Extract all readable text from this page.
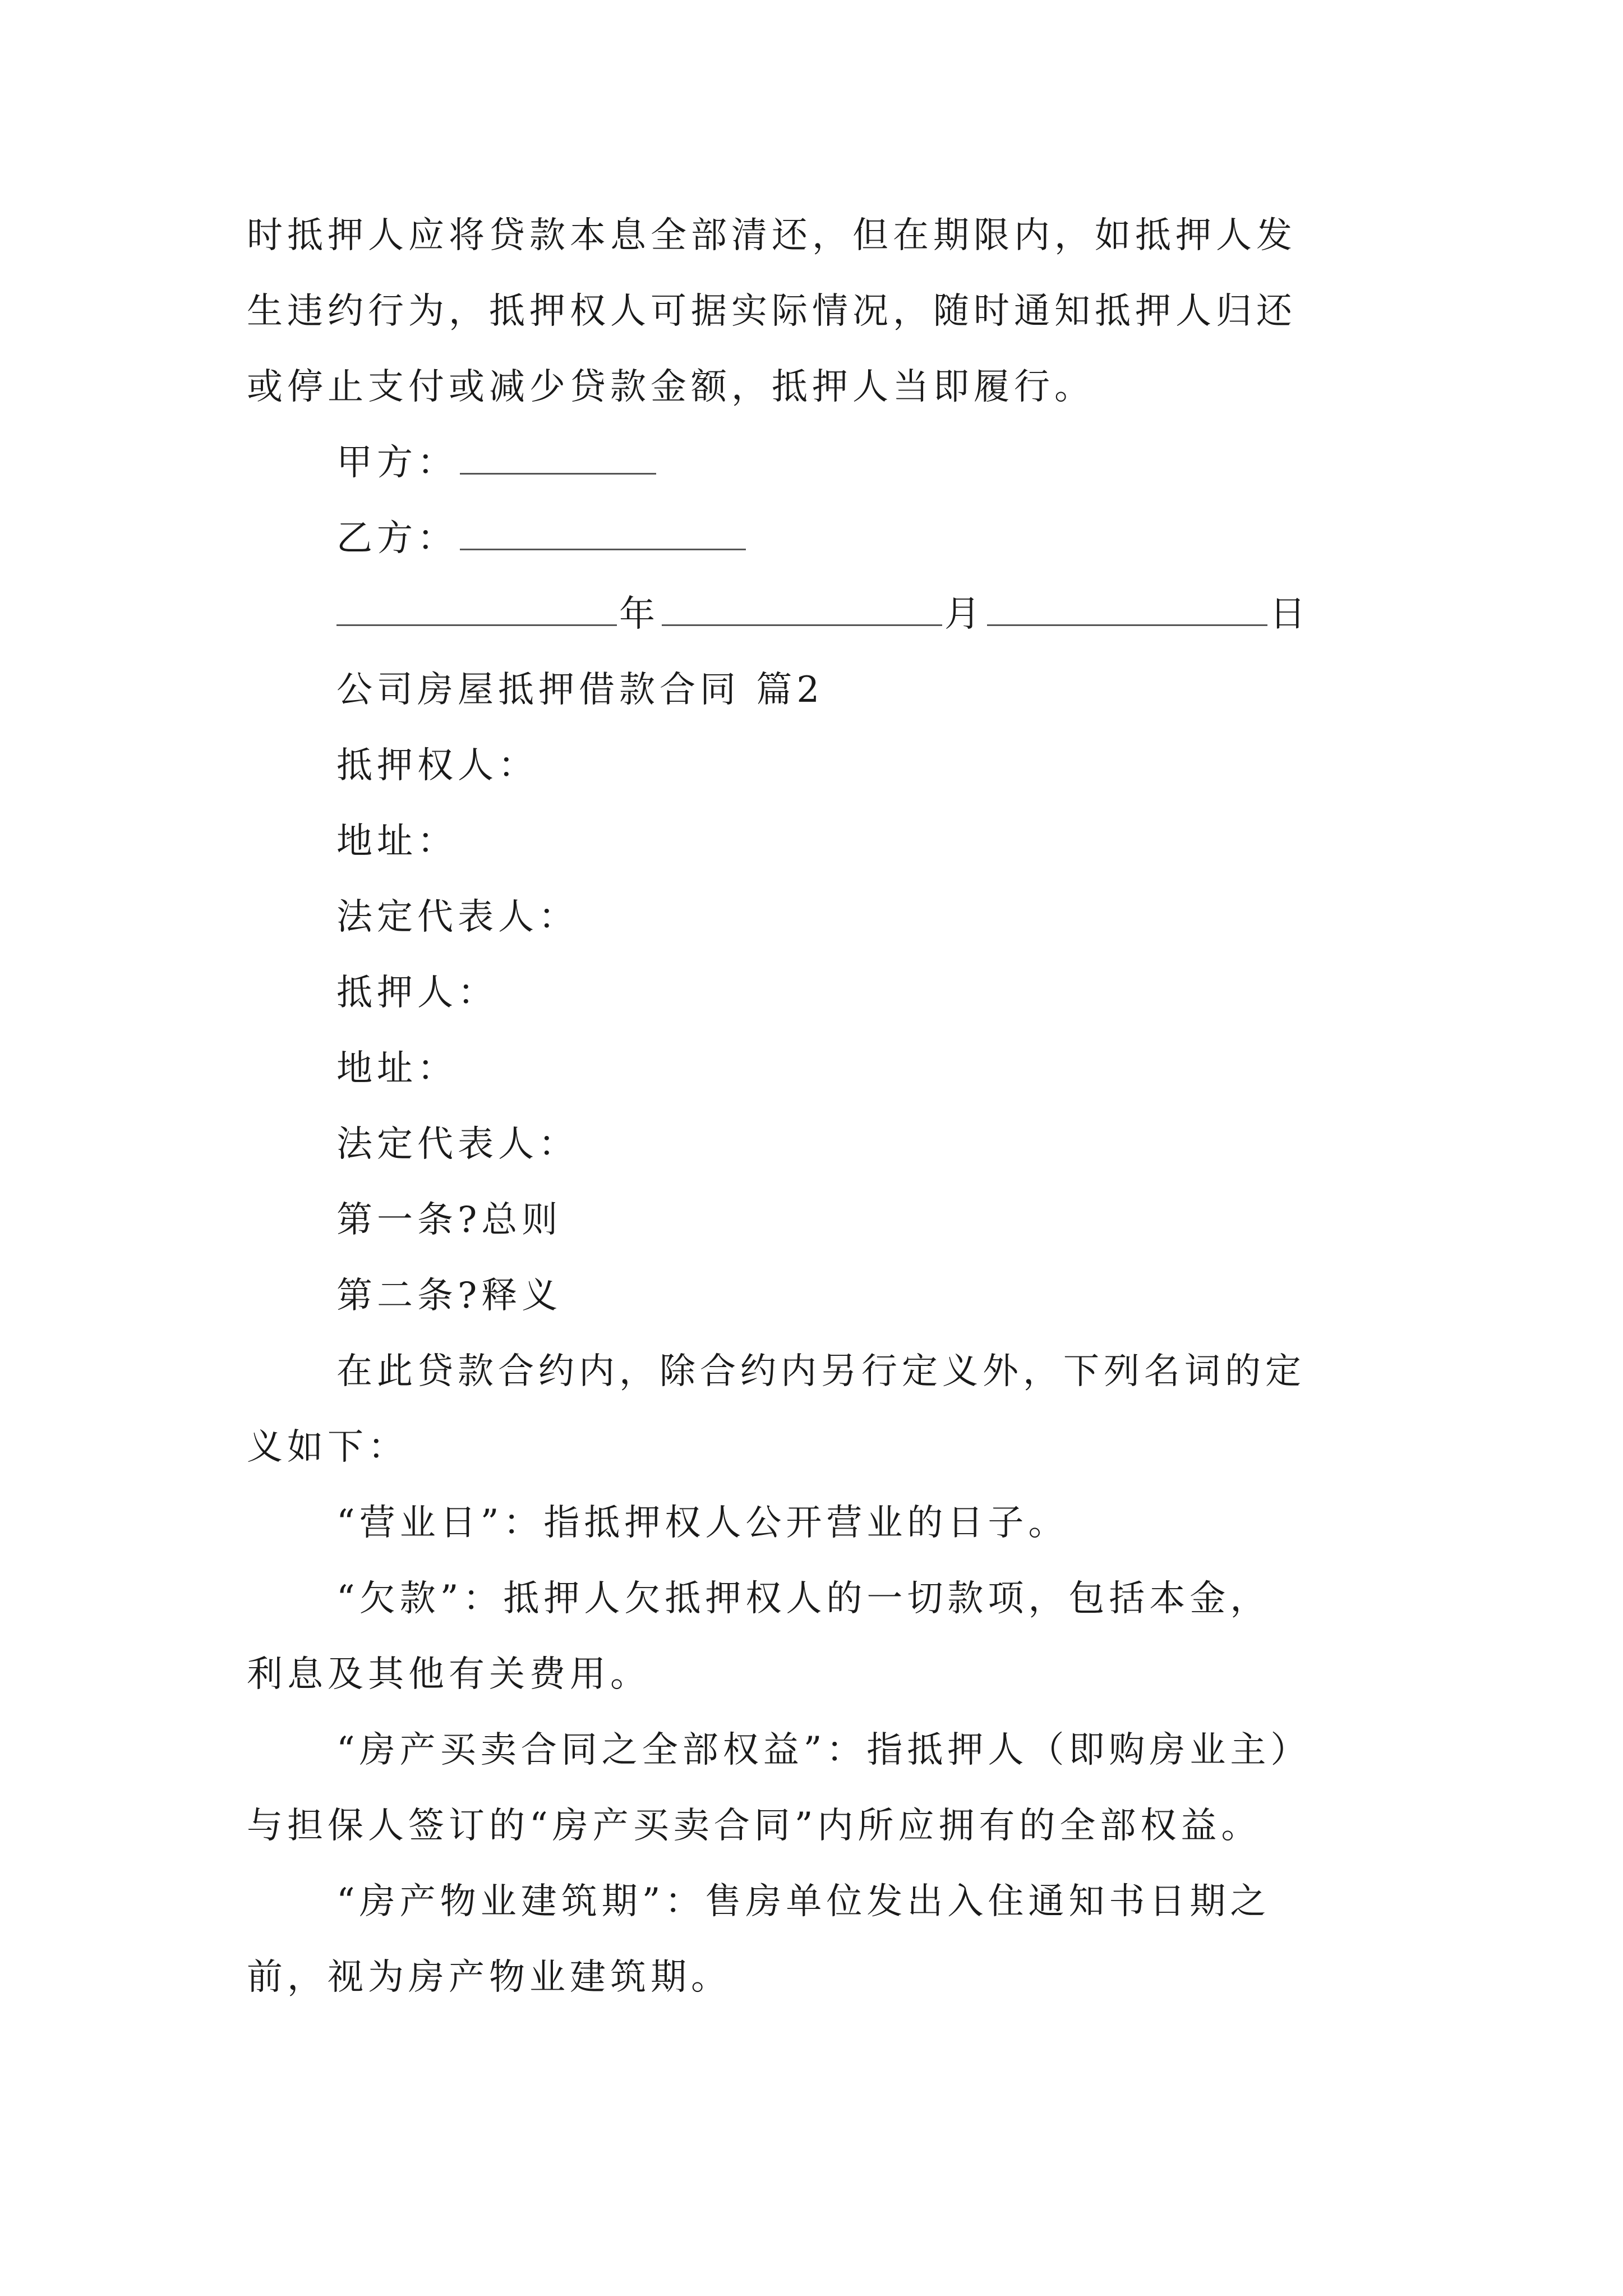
时抵押人应将贷款本息全部清还，但在期限内，如抵押人发
生违约行为，抵押权人可据实际情况，随时通知抵押人归还
或停止支付或减少贷款金额，抵押人当即履行。
甲方：
乙方：
年	月	日
公司房屋抵押借款合同 篇2
抵押权人：
地址：
法定代表人：
抵押人：
地址：
法定代表人：
第一条?总则
第二条?释义
在此贷款合约内，除合约内另行定义外，下列名词的定
义如下：
“营业日”：指抵押权人公开营业的日子。
“欠款”：抵押人欠抵押权人的一切款项，包括本金，
利息及其他有关费用。
“房产买卖合同之全部权益”：指抵押人（即购房业主）
与担保人签订的“房产买卖合同”内所应拥有的全部权益。
“房产物业建筑期”：售房单位发出入住通知书日期之
前，视为房产物业建筑期。
